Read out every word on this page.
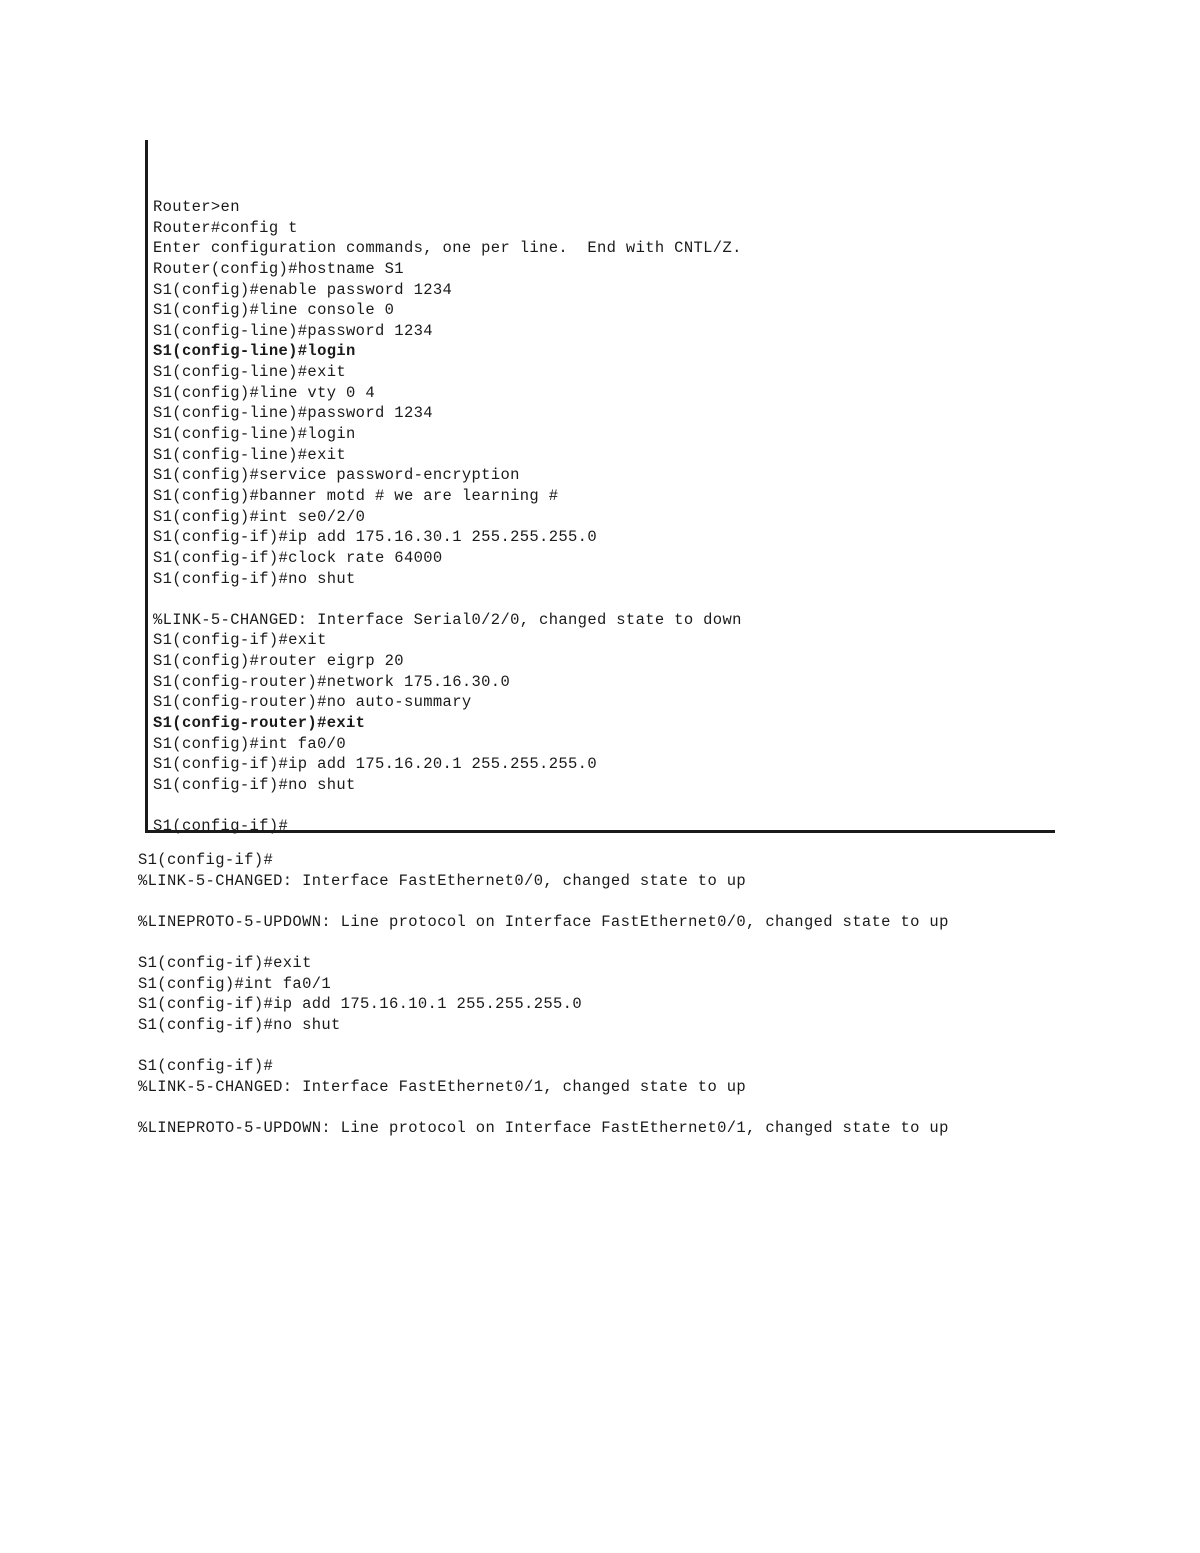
Router>en
Router#config t
Enter configuration commands, one per line.  End with CNTL/Z.
Router(config)#hostname S1
S1(config)#enable password 1234
S1(config)#line console 0
S1(config-line)#password 1234
S1(config-line)#login
S1(config-line)#exit
S1(config)#line vty 0 4
S1(config-line)#password 1234
S1(config-line)#login
S1(config-line)#exit
S1(config)#service password-encryption
S1(config)#banner motd # we are learning #
S1(config)#int se0/2/0
S1(config-if)#ip add 175.16.30.1 255.255.255.0
S1(config-if)#clock rate 64000
S1(config-if)#no shut
%LINK-5-CHANGED: Interface Serial0/2/0, changed state to down
S1(config-if)#exit
S1(config)#router eigrp 20
S1(config-router)#network 175.16.30.0
S1(config-router)#no auto-summary
S1(config-router)#exit
S1(config)#int fa0/0
S1(config-if)#ip add 175.16.20.1 255.255.255.0
S1(config-if)#no shut
S1(config-if)#
S1(config-if)#
%LINK-5-CHANGED: Interface FastEthernet0/0, changed state to up
%LINEPROTO-5-UPDOWN: Line protocol on Interface FastEthernet0/0, changed state to up
S1(config-if)#exit
S1(config)#int fa0/1
S1(config-if)#ip add 175.16.10.1 255.255.255.0
S1(config-if)#no shut
S1(config-if)#
%LINK-5-CHANGED: Interface FastEthernet0/1, changed state to up
%LINEPROTO-5-UPDOWN: Line protocol on Interface FastEthernet0/1, changed state to up
